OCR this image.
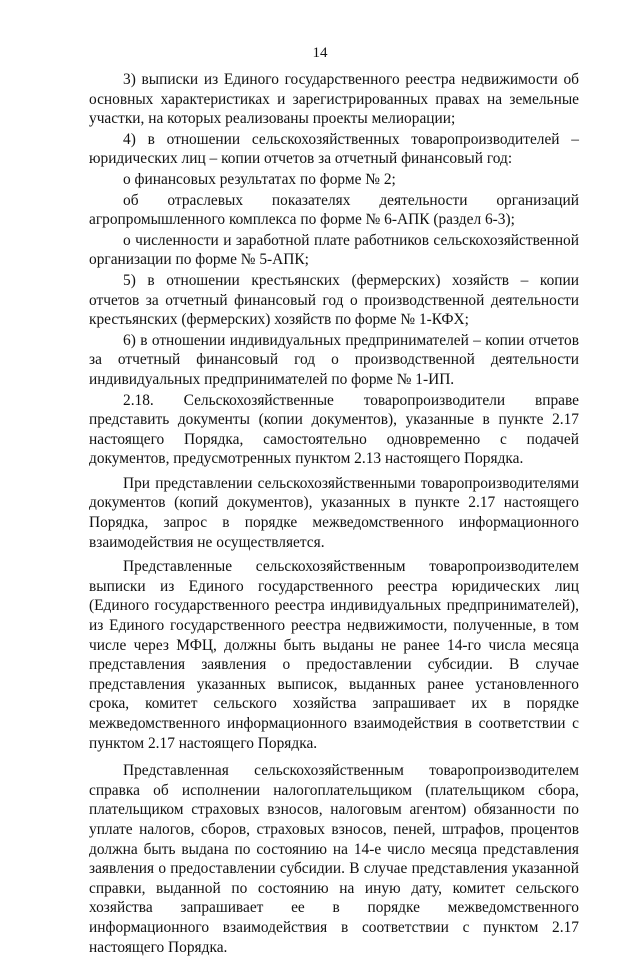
14

3) выписки из Единого государственного реестра недвижимости об основных характеристиках и зарегистрированных правах на земельные участки, на которых реализованы проекты мелиорации;

4) в отношении сельскохозяйственных товаропроизводителей – юридических лиц – копии отчетов за отчетный финансовый год:

о финансовых результатах по форме № 2;

об отраслевых показателях деятельности организаций агропромышленного комплекса по форме № 6-АПК (раздел 6-3);

о численности и заработной плате работников сельскохозяйственной организации по форме № 5-АПК;

5) в отношении крестьянских (фермерских) хозяйств – копии отчетов за отчетный финансовый год о производственной деятельности крестьянских (фермерских) хозяйств по форме № 1-КФХ;

6) в отношении индивидуальных предпринимателей – копии отчетов за отчетный финансовый год о производственной деятельности индивидуальных предпринимателей по форме № 1-ИП.

2.18. Сельскохозяйственные товаропроизводители вправе представить документы (копии документов), указанные в пункте 2.17 настоящего Порядка, самостоятельно одновременно с подачей документов, предусмотренных пунктом 2.13 настоящего Порядка.

При представлении сельскохозяйственными товаропроизводителями документов (копий документов), указанных в пункте 2.17 настоящего Порядка, запрос в порядке межведомственного информационного взаимодействия не осуществляется.

Представленные сельскохозяйственным товаропроизводителем выписки из Единого государственного реестра юридических лиц (Единого государственного реестра индивидуальных предпринимателей), из Единого государственного реестра недвижимости, полученные, в том числе через МФЦ, должны быть выданы не ранее 14-го числа месяца представления заявления о предоставлении субсидии. В случае представления указанных выписок, выданных ранее установленного срока, комитет сельского хозяйства запрашивает их в порядке межведомственного информационного взаимодействия в соответствии с пунктом 2.17 настоящего Порядка.

Представленная сельскохозяйственным товаропроизводителем справка об исполнении налогоплательщиком (плательщиком сбора, плательщиком страховых взносов, налоговым агентом) обязанности по уплате налогов, сборов, страховых взносов, пеней, штрафов, процентов должна быть выдана по состоянию на 14-е число месяца представления заявления о предоставлении субсидии. В случае представления указанной справки, выданной по состоянию на иную дату, комитет сельского хозяйства запрашивает ее в порядке межведомственного информационного взаимодействия в соответствии с пунктом 2.17 настоящего Порядка.
